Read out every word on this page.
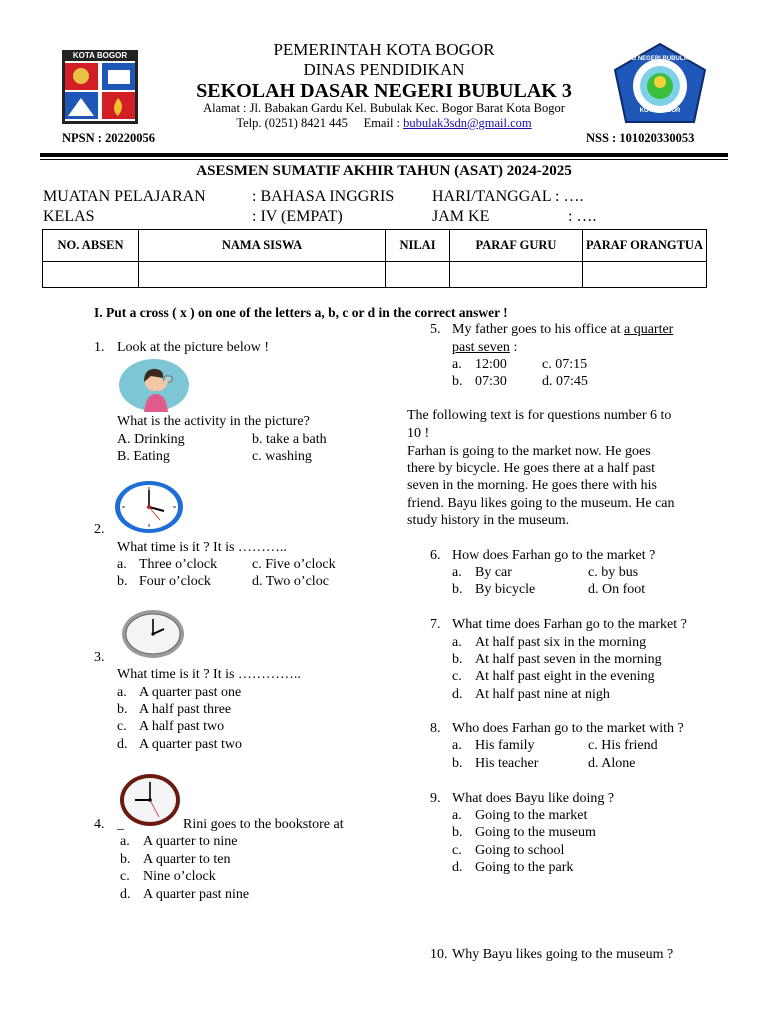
KOTA BOGOR	SD NEGERI BUBULAK 3
KOTA BOGOR
PEMERINTAH KOTA BOGOR
DINAS PENDIDIKAN
SEKOLAH DASAR NEGERI BUBULAK 3
Alamat : Jl. Babakan Gardu Kel. Bubulak Kec. Bogor Barat Kota Bogor
Telp. (0251) 8421 445 Email : bubulak3sdn@gmail.com
NPSN : 20220056	NSS : 101020330053
ASESMEN SUMATIF AKHIR TAHUN (ASAT) 2024-2025
MUATAN PELAJARAN	: BAHASA INGGRIS HARI/TANGGAL : ….
KELAS	: IV (EMPAT)	JAM KE	: ….
NO. ABSEN	NAMA SISWA	NILAI	PARAF GURU	PARAF ORANGTUA

I. Put a cross ( x ) on one of the letters a, b, c or d in the correct answer !
1. Look at the picture below !
What is the activity in the picture?
A. Drinking	b. take a bath
B. Eating	c. washing
2.
What time is it ? It is ………..
a. Three o’clock c. Five o’clock
b. Four o’clock	d. Two o’cloc
3.
What time is it ? It is …………..
a. A quarter past one
b. A half past three
c. A half past two
d. A quarter past two
4. _	Rini goes to the bookstore at
a. A quarter to nine
b. A quarter to ten
c. Nine o’clock
d. A quarter past nine
5. My father goes to his office at a quarter
past seven :
a. 12:00	c. 07:15
b. 07:30	d. 07:45
The following text is for questions number 6 to
10 !
Farhan is going to the market now. He goes
there by bicycle. He goes there at a half past
seven in the morning. He goes there with his
friend. Bayu likes going to the museum. He can
study history in the museum.
6. How does Farhan go to the market ?
a. By car	c. by bus
b. By bicycle	d. On foot
7. What time does Farhan go to the market ?
a. At half past six in the morning
b. At half past seven in the morning
c. At half past eight in the evening
d. At half past nine at nigh
8. Who does Farhan go to the market with ?
a. His family	c. His friend
b. His teacher	d. Alone
9. What does Bayu like doing ?
a. Going to the market
b. Going to the museum
c. Going to school
d. Going to the park
10. Why Bayu likes going to the museum ?
